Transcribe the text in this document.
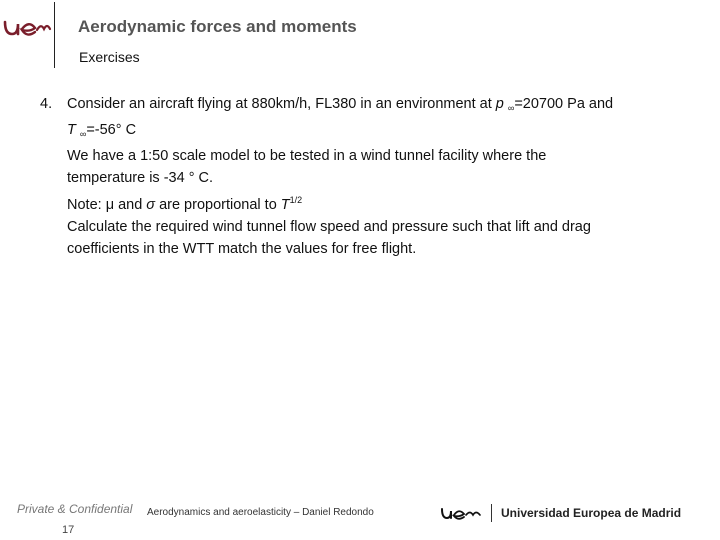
Aerodynamic forces and moments
Exercises
4. Consider an aircraft flying at 880km/h, FL380 in an environment at p $_\infty$=20700 Pa and
T $_\infty$=-56° C
We have a 1:50 scale model to be tested in a wind tunnel facility where the
temperature is -34 ° C.
Note: μ and σ are proportional to $T^{1/2}$
Calculate the required wind tunnel flow speed and pressure such that lift and drag
coefficients in the WTT match the values for free flight.
Private & Confidential Aerodynamics and aeroelasticity – Daniel Redondo
17
Universidad Europea de Madrid
